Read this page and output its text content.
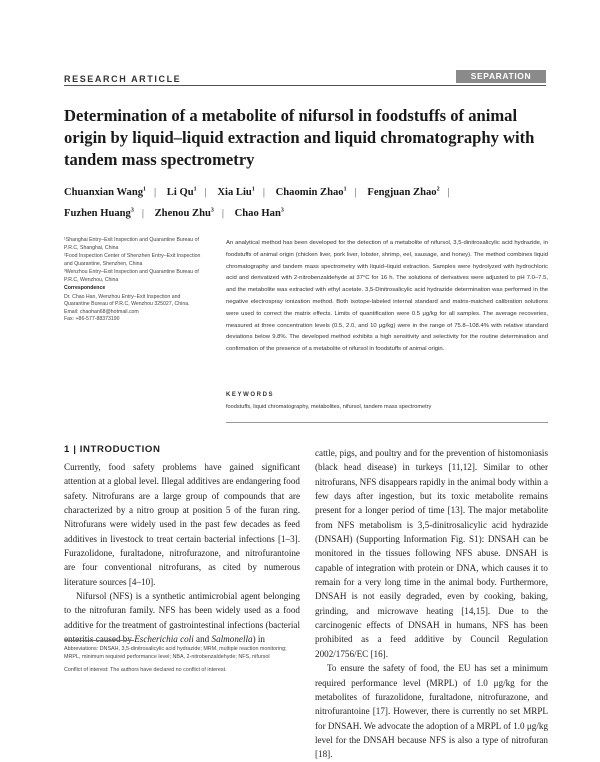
RESEARCH ARTICLE	SEPARATION SCIENCE
Determination of a metabolite of nifursol in foodstuffs of animal origin by liquid–liquid extraction and liquid chromatography with tandem mass spectrometry
Chuanxian Wang$^1$ | Li Qu$^1$ | Xia Liu$^1$ | Chaomin Zhao$^1$ | Fengjuan Zhao$^2$ |
Fuzhen Huang$^3$ | Zhenou Zhu$^3$ | Chao Han$^3$

¹Shanghai Entry–Exit Inspection and Quarantine Bureau of P.R.C, Shanghai, China

²Food Inspection Center of Shenzhen Entry–Exit Inspection and Quarantine, Shenzhen, China

³Wenzhou Entry–Exit Inspection and Quarantine Bureau of P.R.C, Wenzhou, China

Correspondence

Dr. Chao Han, Wenzhou Entry–Exit Inspection and Quarantine Bureau of P.R.C, Wenzhou 325027, China.

Email: chaohan68@hotmail.com

Fax: +86-577-88373190

An analytical method has been developed for the detection of a metabolite of nifursol, 3,5-dinitrosalicylic acid hydrazide, in foodstuffs of animal origin (chicken liver, pork liver, lobster, shrimp, eel, sausage, and honey). The method combines liquid chromatography and tandem mass spectrometry with liquid–liquid extraction. Samples were hydrolyzed with hydrochloric acid and derivatized with 2-nitrobenzaldehyde at 37°C for 16 h. The solutions of derivatives were adjusted to pH 7.0–7.5, and the metabolite was extracted with ethyl acetate. 3,5-Dinitrosalicylic acid hydrazide determination was performed in the negative electrospray ionization method. Both isotope-labeled internal standard and matrix-matched calibration solutions were used to correct the matrix effects. Limits of quantification were 0.5 μg/kg for all samples. The average recoveries, measured at three concentration levels (0.5, 2.0, and 10 μg/kg) were in the range of 75.8–108.4% with relative standard deviations below 9.8%. The developed method exhibits a high sensitivity and selectivity for the routine determination and confirmation of the presence of a metabolite of nifursol in foodstuffs of animal origin.
KEYWORDS
foodstuffs, liquid chromatography, metabolites, nifursol, tandem mass spectrometry
1 | INTRODUCTION

Currently, food safety problems have gained significant attention at a global level. Illegal additives are endangering food safety. Nitrofurans are a large group of compounds that are characterized by a nitro group at position 5 of the furan ring. Nitrofurans were widely used in the past few decades as feed additives in livestock to treat certain bacterial infections [1–3]. Furazolidone, furaltadone, nitrofurazone, and nitrofurantoine are four conventional nitrofurans, as cited by numerous literature sources [4–10].

Nifursol (NFS) is a synthetic antimicrobial agent belonging to the nitrofuran family. NFS has been widely used as a food additive for the treatment of gastrointestinal infections (bacterial enteritis caused by Escherichia coli and Salmonella) in

cattle, pigs, and poultry and for the prevention of histomoniasis (black head disease) in turkeys [11,12]. Similar to other nitrofurans, NFS disappears rapidly in the animal body within a few days after ingestion, but its toxic metabolite remains present for a longer period of time [13]. The major metabolite from NFS metabolism is 3,5-dinitrosalicylic acid hydrazide (DNSAH) (Supporting Information Fig. S1): DNSAH can be monitored in the tissues following NFS abuse. DNSAH is capable of integration with protein or DNA, which causes it to remain for a very long time in the animal body. Furthermore, DNSAH is not easily degraded, even by cooking, baking, grinding, and microwave heating [14,15]. Due to the carcinogenic effects of DNSAH in humans, NFS has been prohibited as a feed additive by Council Regulation 2002/1756/EC [16].
To ensure the safety of food, the EU has set a minimum required performance level (MRPL) of 1.0 μg/kg for the metabolites of furazolidone, furaltadone, nitrofurazone, and nitrofurantoine [17]. However, there is currently no set MRPL for DNSAH. We advocate the adoption of a MRPL of 1.0 μg/kg level for the DNSAH because NFS is also a type of nitrofuran [18].

Abbreviations: DNSAH, 3,5-dinitrosalicylic acid hydrazide; MRM, multiple reaction monitoring; MRPL, minimum required performance level; NBA, 2-nitrobenzaldehyde; NFS, nifursol

Conflict of interest: The authors have declared no conflict of interest.
